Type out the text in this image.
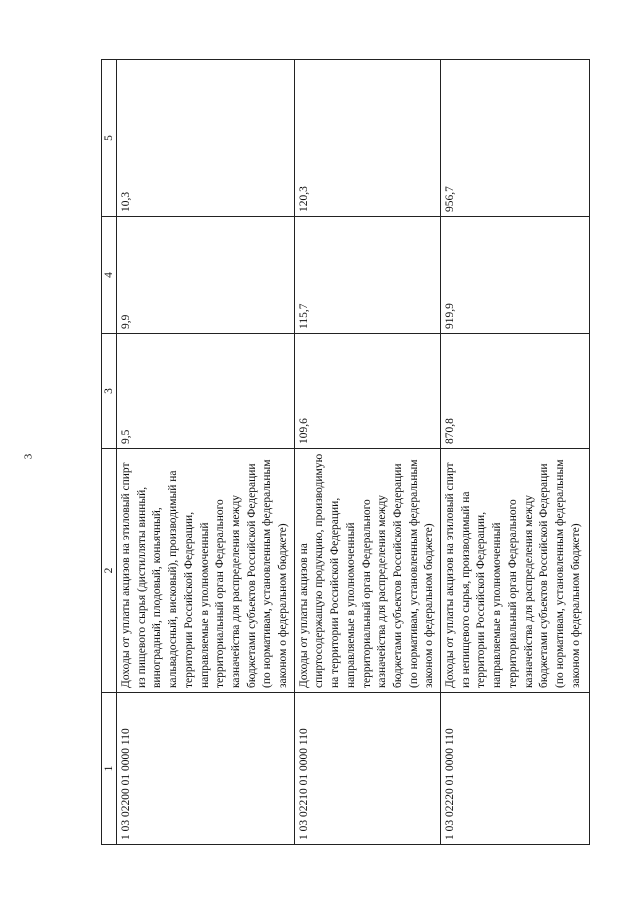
3
1	2	3	4	5
1 03 02200 01 0000 110	Доходы от уплаты акцизов на этиловый спирт из пищевого сырья (дистилляты винный, виноградный, плодовый, коньячный, кальвадосный, висковый), производимый на территории Российской Федерации, направляемые в уполномоченный территориальный орган Федерального казначейства для распределения между бюджетами субъектов Российской Федерации (по нормативам, установленным федеральным законом о федеральном бюджете)	9,5	9,9	10,3
1 03 02210 01 0000 110	Доходы от уплаты акцизов на спиртосодержащую продукцию, производимую на территории Российской Федерации, направляемые в уполномоченный территориальный орган Федерального казначейства для распределения между бюджетами субъектов Российской Федерации (по нормативам, установленным федеральным законом о федеральном бюджете)	109,6	115,7	120,3
1 03 02220 01 0000 110	Доходы от уплаты акцизов на этиловый спирт из непищевого сырья, производимый на территории Российской Федерации, направляемые в уполномоченный территориальный орган Федерального казначейства для распределения между бюджетами субъектов Российской Федерации (по нормативам, установленным федеральным законом о федеральном бюджете)	870,8	919,9	956,7
